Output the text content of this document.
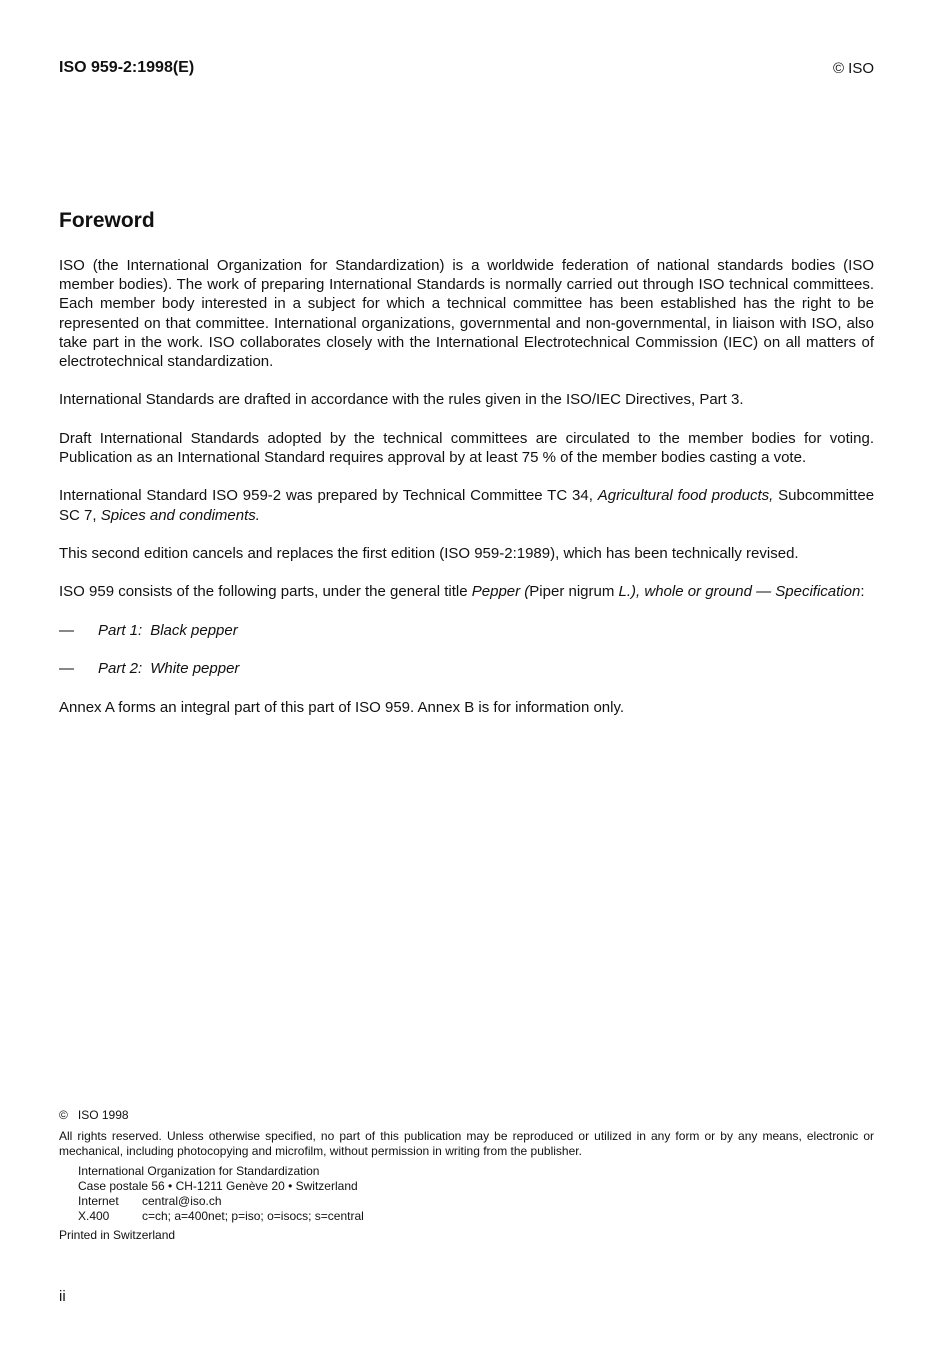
ISO 959-2:1998(E)	© ISO
Foreword

ISO (the International Organization for Standardization) is a worldwide federation of national standards bodies (ISO member bodies). The work of preparing International Standards is normally carried out through ISO technical committees. Each member body interested in a subject for which a technical committee has been established has the right to be represented on that committee. International organizations, governmental and non-governmental, in liaison with ISO, also take part in the work. ISO collaborates closely with the International Electrotechnical Commission (IEC) on all matters of electrotechnical standardization.

International Standards are drafted in accordance with the rules given in the ISO/IEC Directives, Part 3.

Draft International Standards adopted by the technical committees are circulated to the member bodies for voting. Publication as an International Standard requires approval by at least 75 % of the member bodies casting a vote.

International Standard ISO 959-2 was prepared by Technical Committee TC 34, Agricultural food products, Subcommittee SC 7, Spices and condiments.

This second edition cancels and replaces the first edition (ISO 959-2:1989), which has been technically revised.

ISO 959 consists of the following parts, under the general title Pepper (Piper nigrum L.), whole or ground — Specification:

—	Part 1: Black pepper
—	Part 2: White pepper

Annex A forms an integral part of this part of ISO 959. Annex B is for information only.

© ISO 1998
All rights reserved. Unless otherwise specified, no part of this publication may be reproduced or utilized in any form or by any means, electronic or mechanical, including photocopying and microfilm, without permission in writing from the publisher.
International Organization for Standardization
Case postale 56 • CH-1211 Genève 20 • Switzerland
Internet central@iso.ch
X.400	c=ch; a=400net; p=iso; o=isocs; s=central
Printed in Switzerland
ii
